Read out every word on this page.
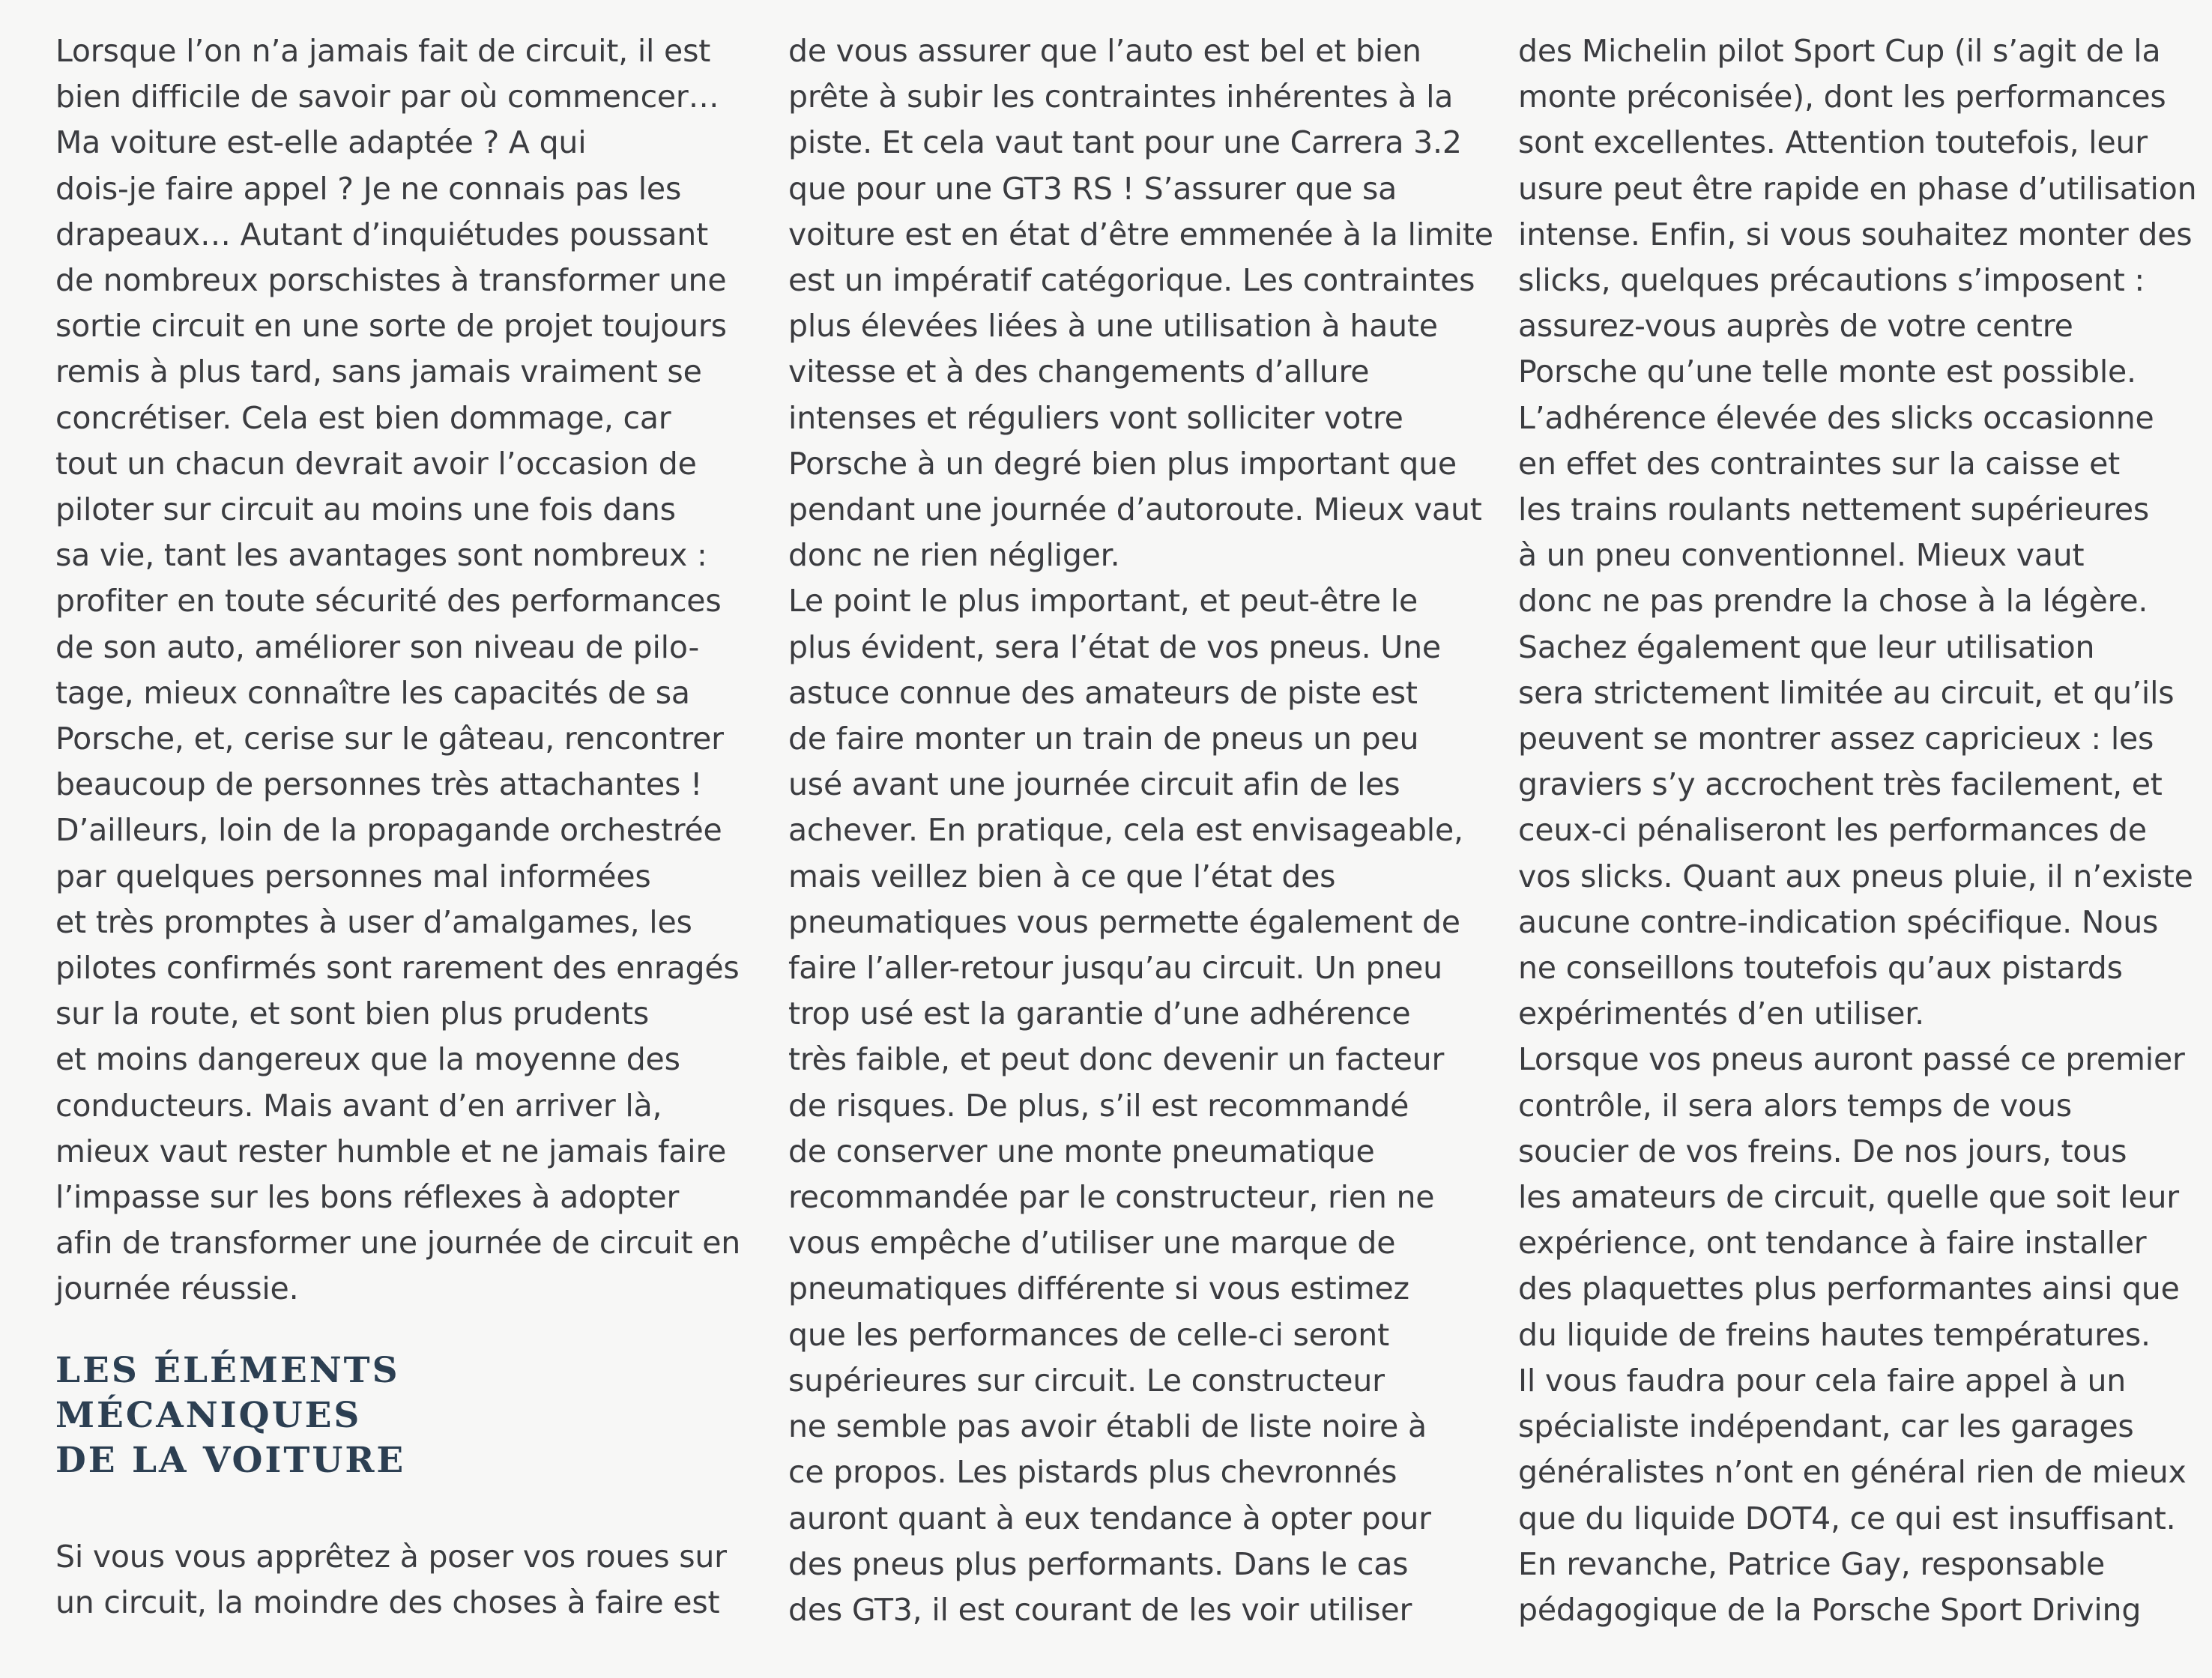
Lorsque l’on n’a jamais fait de circuit, il est
bien difficile de savoir par où commencer…
Ma voiture est-elle adaptée ? A qui
dois-je faire appel ? Je ne connais pas les
drapeaux… Autant d’inquiétudes poussant
de nombreux porschistes à transformer une
sortie circuit en une sorte de projet toujours
remis à plus tard, sans jamais vraiment se
concrétiser. Cela est bien dommage, car
tout un chacun devrait avoir l’occasion de
piloter sur circuit au moins une fois dans
sa vie, tant les avantages sont nombreux :
profiter en toute sécurité des performances
de son auto, améliorer son niveau de pilo-
tage, mieux connaître les capacités de sa
Porsche, et, cerise sur le gâteau, rencontrer
beaucoup de personnes très attachantes !
D’ailleurs, loin de la propagande orchestrée
par quelques personnes mal informées
et très promptes à user d’amalgames, les
pilotes confirmés sont rarement des enragés
sur la route, et sont bien plus prudents
et moins dangereux que la moyenne des
conducteurs. Mais avant d’en arriver là,
mieux vaut rester humble et ne jamais faire
l’impasse sur les bons réflexes à adopter
afin de transformer une journée de circuit en
journée réussie.
LES ÉLÉMENTS
MÉCANIQUES
DE LA VOITURE
Si vous vous apprêtez à poser vos roues sur
un circuit, la moindre des choses à faire est
de vous assurer que l’auto est bel et bien
prête à subir les contraintes inhérentes à la
piste. Et cela vaut tant pour une Carrera 3.2
que pour une GT3 RS ! S’assurer que sa
voiture est en état d’être emmenée à la limite
est un impératif catégorique. Les contraintes
plus élevées liées à une utilisation à haute
vitesse et à des changements d’allure
intenses et réguliers vont solliciter votre
Porsche à un degré bien plus important que
pendant une journée d’autoroute. Mieux vaut
donc ne rien négliger.
Le point le plus important, et peut-être le
plus évident, sera l’état de vos pneus. Une
astuce connue des amateurs de piste est
de faire monter un train de pneus un peu
usé avant une journée circuit afin de les
achever. En pratique, cela est envisageable,
mais veillez bien à ce que l’état des
pneumatiques vous permette également de
faire l’aller-retour jusqu’au circuit. Un pneu
trop usé est la garantie d’une adhérence
très faible, et peut donc devenir un facteur
de risques. De plus, s’il est recommandé
de conserver une monte pneumatique
recommandée par le constructeur, rien ne
vous empêche d’utiliser une marque de
pneumatiques différente si vous estimez
que les performances de celle-ci seront
supérieures sur circuit. Le constructeur
ne semble pas avoir établi de liste noire à
ce propos. Les pistards plus chevronnés
auront quant à eux tendance à opter pour
des pneus plus performants. Dans le cas
des GT3, il est courant de les voir utiliser
des Michelin pilot Sport Cup (il s’agit de la
monte préconisée), dont les performances
sont excellentes. Attention toutefois, leur
usure peut être rapide en phase d’utilisation
intense. Enfin, si vous souhaitez monter des
slicks, quelques précautions s’imposent :
assurez-vous auprès de votre centre
Porsche qu’une telle monte est possible.
L’adhérence élevée des slicks occasionne
en effet des contraintes sur la caisse et
les trains roulants nettement supérieures
à un pneu conventionnel. Mieux vaut
donc ne pas prendre la chose à la légère.
Sachez également que leur utilisation
sera strictement limitée au circuit, et qu’ils
peuvent se montrer assez capricieux : les
graviers s’y accrochent très facilement, et
ceux-ci pénaliseront les performances de
vos slicks. Quant aux pneus pluie, il n’existe
aucune contre-indication spécifique. Nous
ne conseillons toutefois qu’aux pistards
expérimentés d’en utiliser.
Lorsque vos pneus auront passé ce premier
contrôle, il sera alors temps de vous
soucier de vos freins. De nos jours, tous
les amateurs de circuit, quelle que soit leur
expérience, ont tendance à faire installer
des plaquettes plus performantes ainsi que
du liquide de freins hautes températures.
Il vous faudra pour cela faire appel à un
spécialiste indépendant, car les garages
généralistes n’ont en général rien de mieux
que du liquide DOT4, ce qui est insuffisant.
En revanche, Patrice Gay, responsable
pédagogique de la Porsche Sport Driving
